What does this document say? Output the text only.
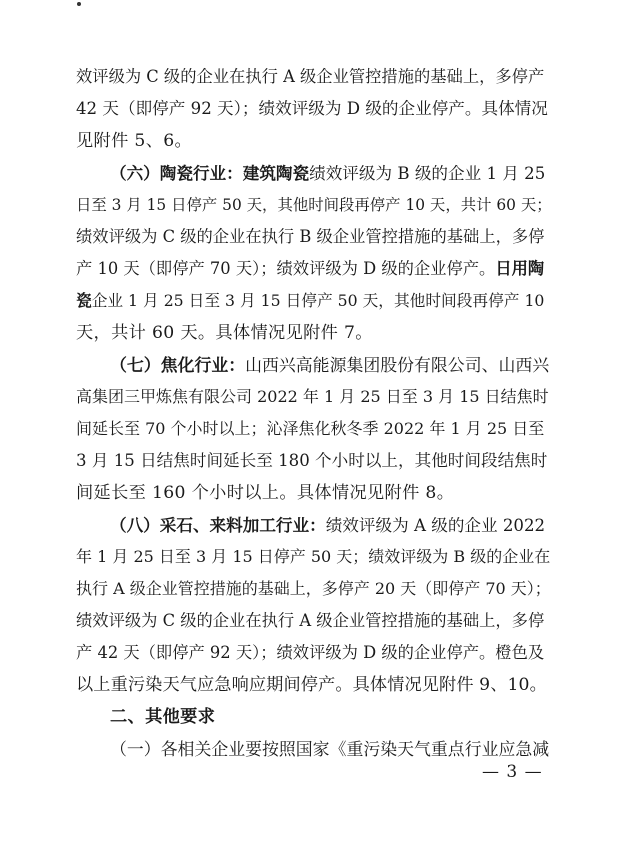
效评级为 C 级的企业在执行 A 级企业管控措施的基础上，多停产
42 天（即停产 92 天）；绩效评级为 D 级的企业停产。具体情况
见附件 5、6。
（六）陶瓷行业：建筑陶瓷绩效评级为 B 级的企业 1 月 25
日至 3 月 15 日停产 50 天，其他时间段再停产 10 天，共计 60 天；
绩效评级为 C 级的企业在执行 B 级企业管控措施的基础上，多停
产 10 天（即停产 70 天）；绩效评级为 D 级的企业停产。日用陶
瓷企业 1 月 25 日至 3 月 15 日停产 50 天，其他时间段再停产 10
天，共计 60 天。具体情况见附件 7。
（七）焦化行业：山西兴高能源集团股份有限公司、山西兴
高集团三甲炼焦有限公司 2022 年 1 月 25 日至 3 月 15 日结焦时
间延长至 70 个小时以上；沁泽焦化秋冬季 2022 年 1 月 25 日至
3 月 15 日结焦时间延长至 180 个小时以上，其他时间段结焦时
间延长至 160 个小时以上。具体情况见附件 8。
（八）采石、来料加工行业：绩效评级为 A 级的企业 2022
年 1 月 25 日至 3 月 15 日停产 50 天；绩效评级为 B 级的企业在
执行 A 级企业管控措施的基础上，多停产 20 天（即停产 70 天）；
绩效评级为 C 级的企业在执行 A 级企业管控措施的基础上，多停
产 42 天（即停产 92 天）；绩效评级为 D 级的企业停产。橙色及
以上重污染天气应急响应期间停产。具体情况见附件 9、10。
二、其他要求
（一）各相关企业要按照国家《重污染天气重点行业应急减
— 3 —
